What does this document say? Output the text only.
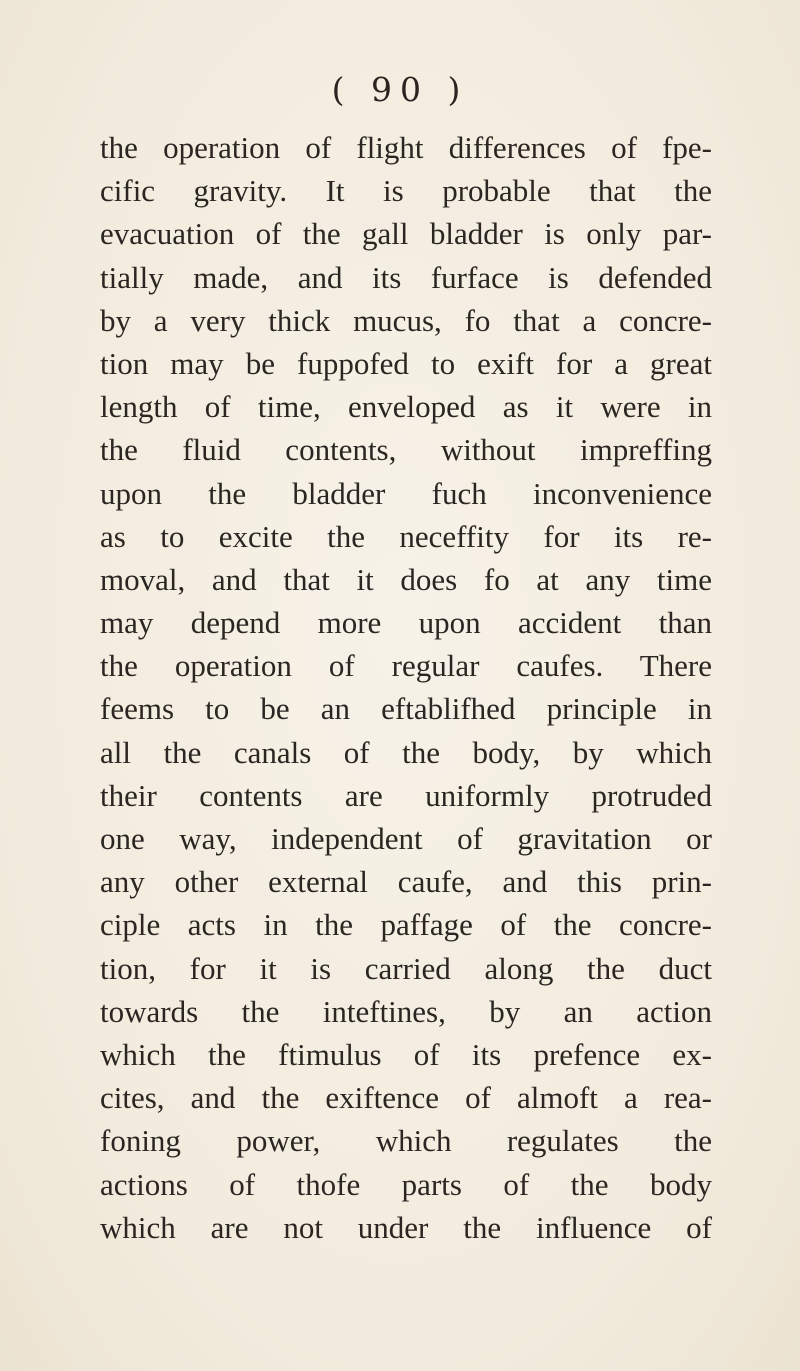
( 90 )
the operation of flight differences of fpe-
cific gravity. It is probable that the
evacuation of the gall bladder is only par-
tially made, and its furface is defended
by a very thick mucus, fo that a concre-
tion may be fuppofed to exift for a great
length of time, enveloped as it were in
the fluid contents, without impreffing
upon the bladder fuch inconvenience
as to excite the neceffity for its re-
moval, and that it does fo at any time
may depend more upon accident than
the operation of regular caufes. There
feems to be an eftablifhed principle in
all the canals of the body, by which
their contents are uniformly protruded
one way, independent of gravitation or
any other external caufe, and this prin-
ciple acts in the paffage of the concre-
tion, for it is carried along the duct
towards the inteftines, by an action
which the ftimulus of its prefence ex-
cites, and the exiftence of almoft a rea-
foning power, which regulates the
actions of thofe parts of the body
which are not under the influence of
